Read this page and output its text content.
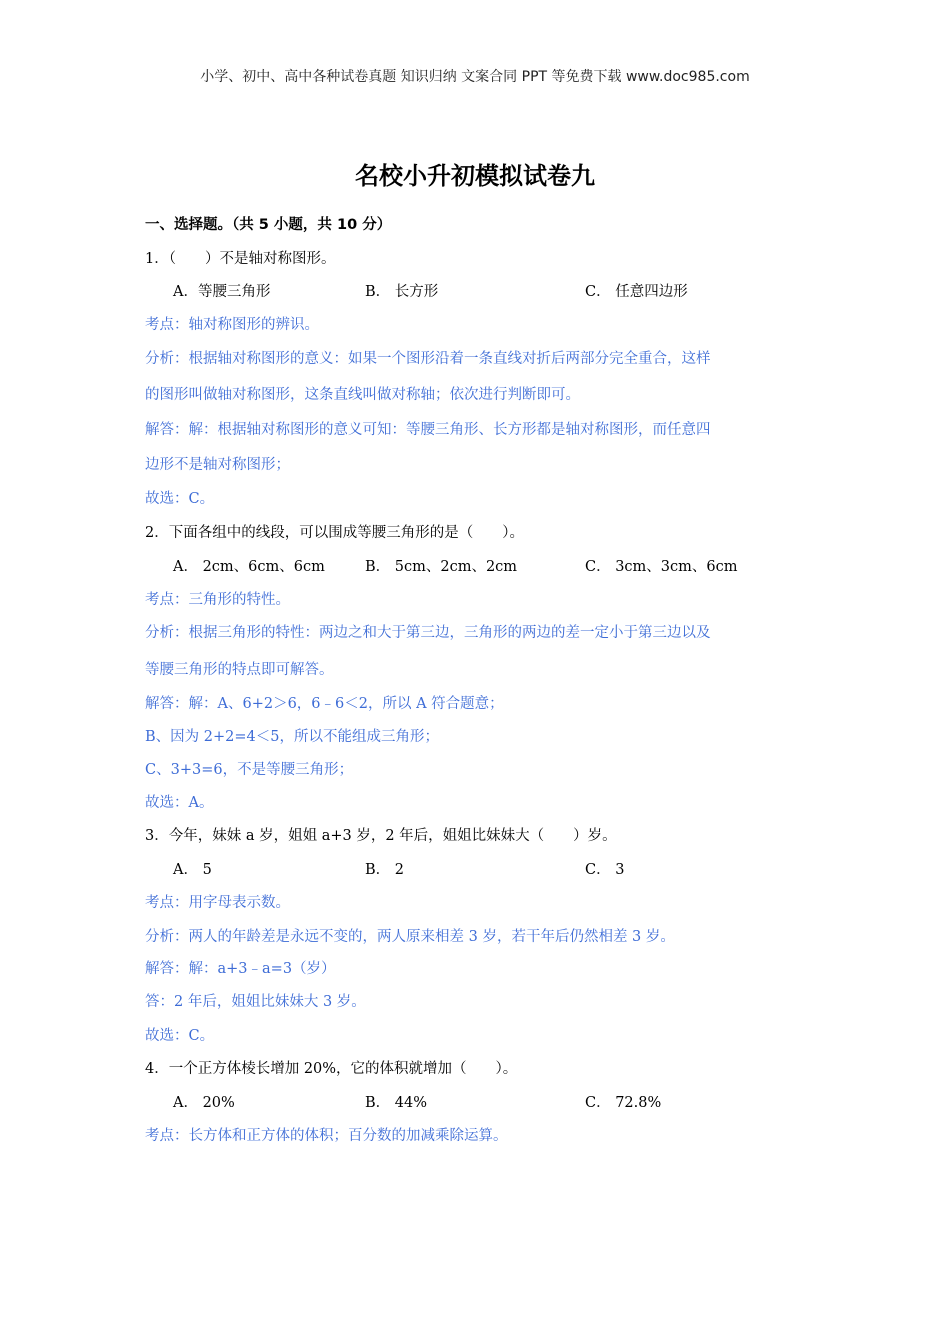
小学、初中、高中各种试卷真题 知识归纳 文案合同 PPT 等免费下载 www.doc985.com
名校小升初模拟试卷九
一、选择题。（共 5 小题，共 10 分）
1．（　　）不是轴对称图形。
A．等腰三角形	B． 长方形	C． 任意四边形
考点：轴对称图形的辨识。
分析：根据轴对称图形的意义：如果一个图形沿着一条直线对折后两部分完全重合，这样
的图形叫做轴对称图形，这条直线叫做对称轴；依次进行判断即可。
解答：解：根据轴对称图形的意义可知：等腰三角形、长方形都是轴对称图形，而任意四
边形不是轴对称图形；
故选：C。
2．下面各组中的线段，可以围成等腰三角形的是（　　）。
A． 2cm、6cm、6cm	B． 5cm、2cm、2cm	C． 3cm、3cm、6cm
考点：三角形的特性。
分析：根据三角形的特性：两边之和大于第三边，三角形的两边的差一定小于第三边以及
等腰三角形的特点即可解答。
解答：解：A、6+2＞6，6﹣6＜2，所以 A 符合题意；
B、因为 2+2=4＜5，所以不能组成三角形；
C、3+3=6，不是等腰三角形；
故选：A。
3．今年，妹妹 a 岁，姐姐 a+3 岁，2 年后，姐姐比妹妹大（　　）岁。
A． 5	B． 2	C． 3
考点：用字母表示数。
分析：两人的年龄差是永远不变的，两人原来相差 3 岁，若干年后仍然相差 3 岁。
解答：解：a+3﹣a=3（岁）
答：2 年后，姐姐比妹妹大 3 岁。
故选：C。
4．一个正方体棱长增加 20%，它的体积就增加（　　）。
A． 20%	B． 44%	C． 72.8%
考点：长方体和正方体的体积；百分数的加减乘除运算。
